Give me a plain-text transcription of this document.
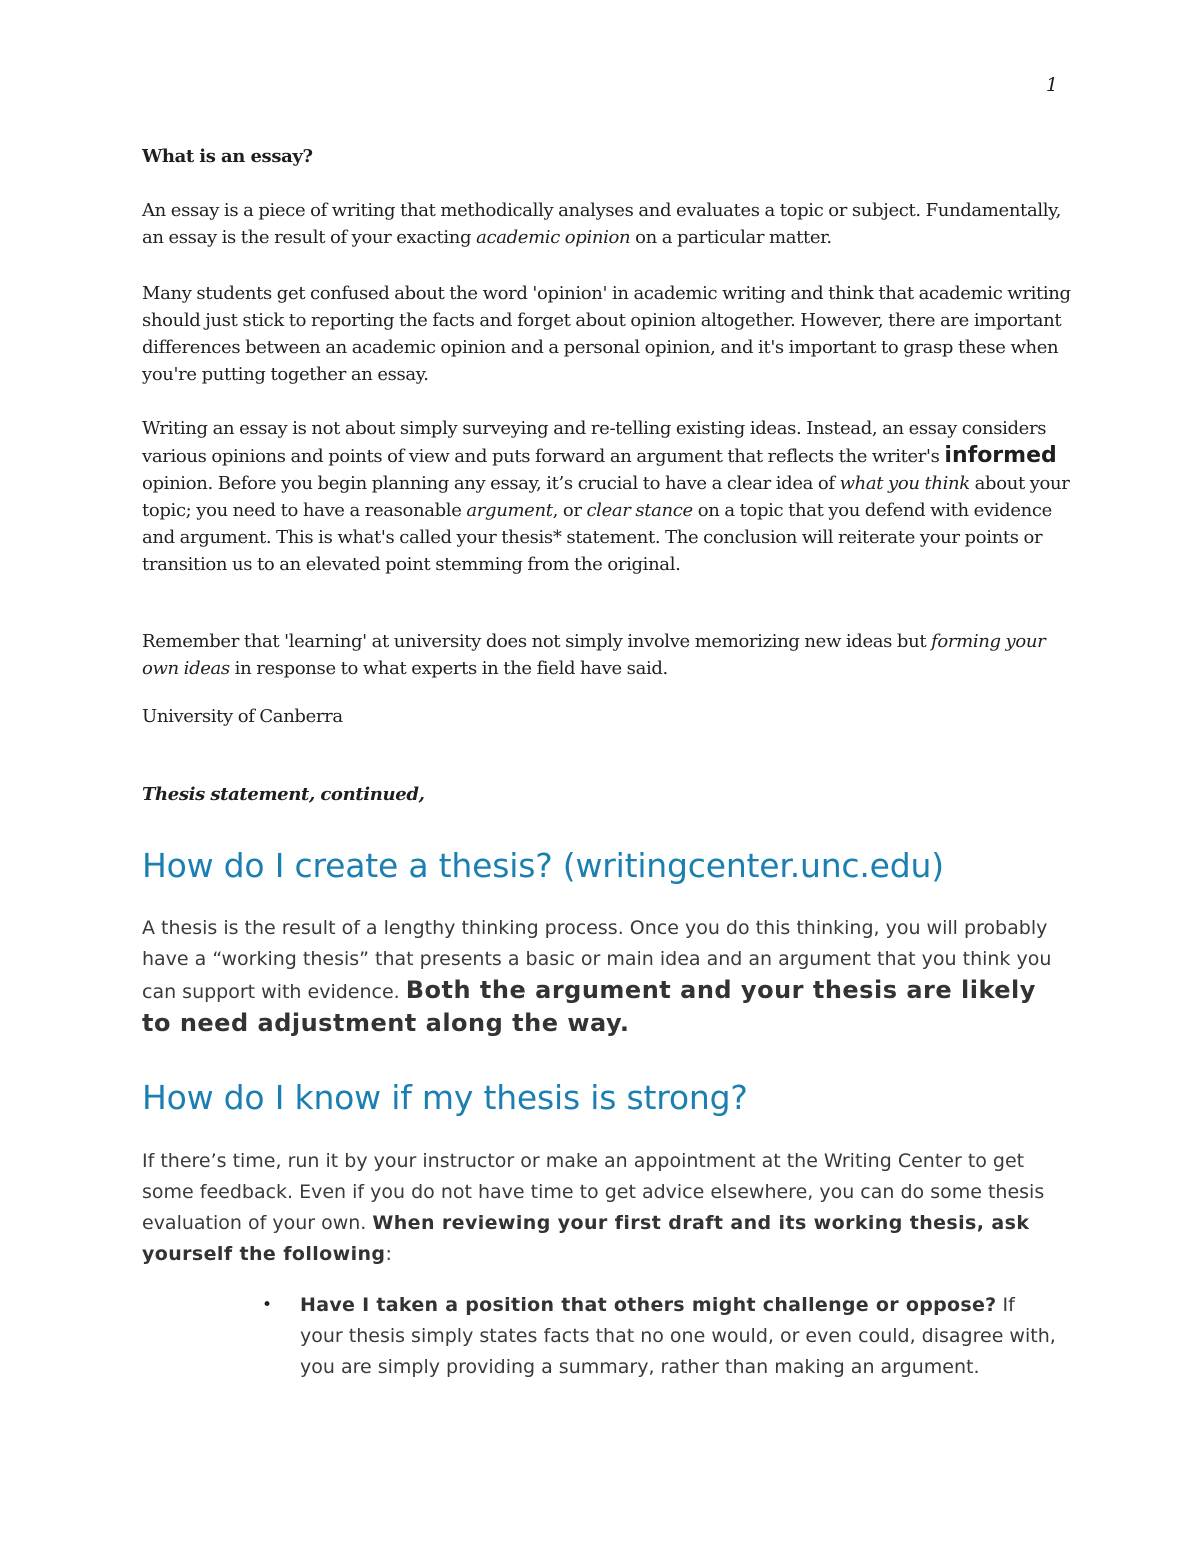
1

What is an essay?

An essay is a piece of writing that methodically analyses and evaluates a topic or subject. Fundamentally, an essay is the result of your exacting academic opinion on a particular matter.

Many students get confused about the word 'opinion' in academic writing and think that academic writing should just stick to reporting the facts and forget about opinion altogether. However, there are important differences between an academic opinion and a personal opinion, and it's important to grasp these when you're putting together an essay.

Writing an essay is not about simply surveying and re-telling existing ideas. Instead, an essay considers various opinions and points of view and puts forward an argument that reflects the writer's informed opinion. Before you begin planning any essay, it’s crucial to have a clear idea of what you think about your topic; you need to have a reasonable argument, or clear stance on a topic that you defend with evidence and argument. This is what's called your thesis* statement. The conclusion will reiterate your points or transition us to an elevated point stemming from the original.

Remember that 'learning' at university does not simply involve memorizing new ideas but forming your own ideas in response to what experts in the field have said.

University of Canberra

Thesis statement, continued,

How do I create a thesis? (writingcenter.unc.edu)

A thesis is the result of a lengthy thinking process. Once you do this thinking, you will probably have a “working thesis” that presents a basic or main idea and an argument that you think you can support with evidence. Both the argument and your thesis are likely to need adjustment along the way.

How do I know if my thesis is strong?

If there’s time, run it by your instructor or make an appointment at the Writing Center to get some feedback. Even if you do not have time to get advice elsewhere, you can do some thesis evaluation of your own. When reviewing your first draft and its working thesis, ask yourself the following:

• Have I taken a position that others might challenge or oppose? If your thesis simply states facts that no one would, or even could, disagree with, you are simply providing a summary, rather than making an argument.
